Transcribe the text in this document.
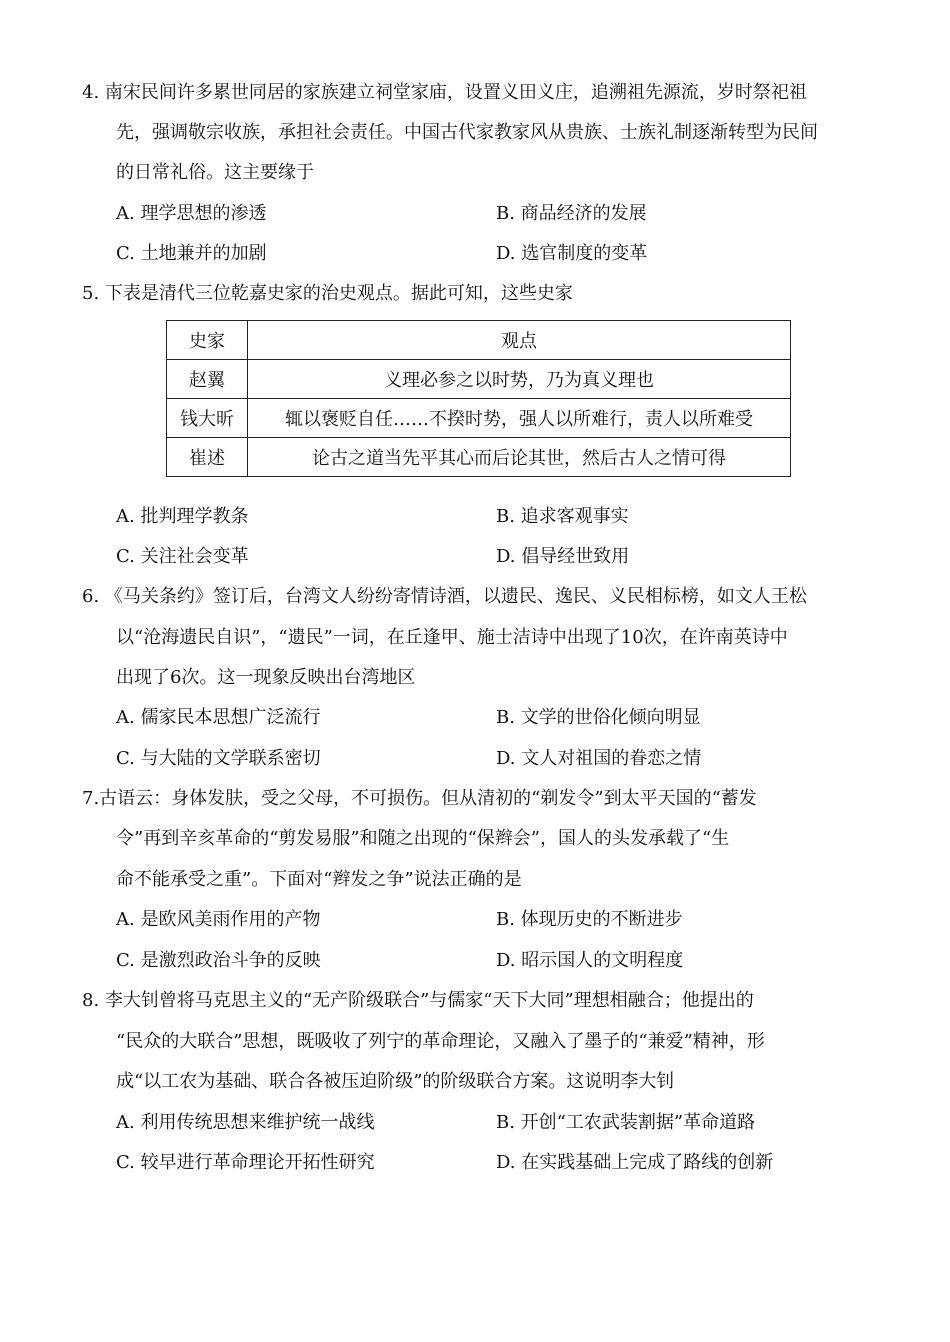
4. 南宋民间许多累世同居的家族建立祠堂家庙，设置义田义庄，追溯祖先源流，岁时祭祀祖
先，强调敬宗收族，承担社会责任。中国古代家教家风从贵族、士族礼制逐渐转型为民间
的日常礼俗。这主要缘于
A. 理学思想的渗透	B. 商品经济的发展
C. 土地兼并的加剧	D. 选官制度的变革
5. 下表是清代三位乾嘉史家的治史观点。据此可知，这些史家
史家	观点
赵翼	义理必参之以时势，乃为真义理也
钱大昕	辄以褒贬自任……不揆时势，强人以所难行，责人以所难受
崔述	论古之道当先平其心而后论其世，然后古人之情可得
A. 批判理学教条	B. 追求客观事实
C. 关注社会变革	D. 倡导经世致用
6. 《马关条约》签订后，台湾文人纷纷寄情诗酒，以遗民、逸民、义民相标榜，如文人王松
以“沧海遗民自识”，“遗民”一词，在丘逢甲、施士洁诗中出现了10次，在许南英诗中
出现了6次。这一现象反映出台湾地区
A. 儒家民本思想广泛流行	B. 文学的世俗化倾向明显
C. 与大陆的文学联系密切	D. 文人对祖国的眷恋之情
7.古语云：身体发肤，受之父母，不可损伤。但从清初的“剃发令”到太平天国的“蓄发
令”再到辛亥革命的“剪发易服”和随之出现的“保辫会”，国人的头发承载了“生
命不能承受之重”。下面对“辫发之争”说法正确的是
A. 是欧风美雨作用的产物	B. 体现历史的不断进步
C. 是激烈政治斗争的反映	D. 昭示国人的文明程度
8. 李大钊曾将马克思主义的“无产阶级联合”与儒家“天下大同”理想相融合；他提出的
“民众的大联合”思想，既吸收了列宁的革命理论，又融入了墨子的“兼爱”精神，形
成“以工农为基础、联合各被压迫阶级”的阶级联合方案。这说明李大钊
A. 利用传统思想来维护统一战线	B. 开创“工农武装割据”革命道路
C. 较早进行革命理论开拓性研究	D. 在实践基础上完成了路线的创新
